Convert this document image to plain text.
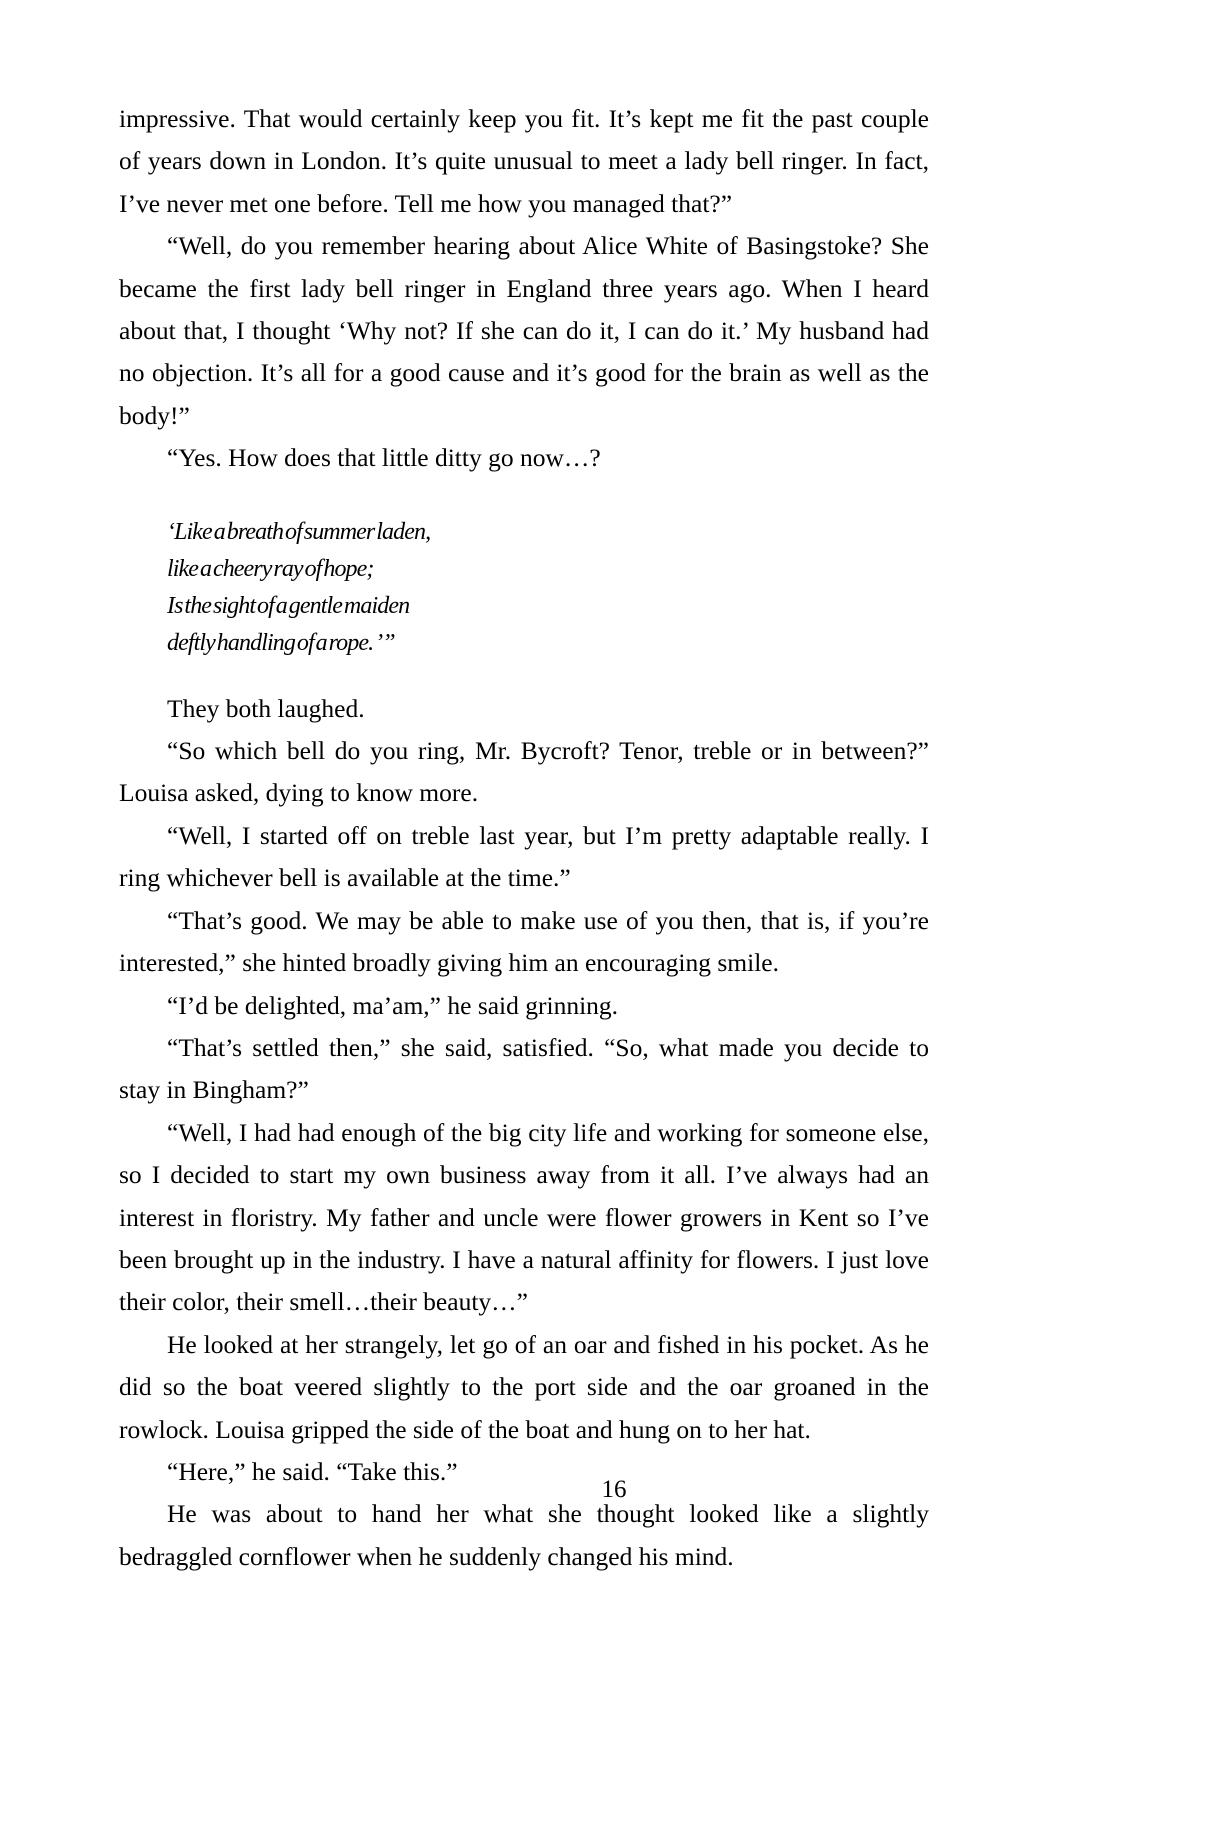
impressive. That would certainly keep you fit. It’s kept me fit the past couple of years down in London. It’s quite unusual to meet a lady bell ringer. In fact, I’ve never met one before. Tell me how you managed that?”

“Well, do you remember hearing about Alice White of Basingstoke? She became the first lady bell ringer in England three years ago. When I heard about that, I thought ‘Why not? If she can do it, I can do it.’ My husband had no objection. It’s all for a good cause and it’s good for the brain as well as the body!”

“Yes. How does that little ditty go now…?

‘Like a breath of summer laden,
like a cheery ray of hope;
Is the sight of a gentle maiden
deftly handling of a rope. ’”

They both laughed.

“So which bell do you ring, Mr. Bycroft? Tenor, treble or in between?” Louisa asked, dying to know more.

“Well, I started off on treble last year, but I’m pretty adaptable really. I ring whichever bell is available at the time.”

“That’s good. We may be able to make use of you then, that is, if you’re interested,” she hinted broadly giving him an encouraging smile.

“I’d be delighted, ma’am,” he said grinning.

“That’s settled then,” she said, satisfied. “So, what made you decide to stay in Bingham?”

“Well, I had had enough of the big city life and working for someone else, so I decided to start my own business away from it all. I’ve always had an interest in floristry. My father and uncle were flower growers in Kent so I’ve been brought up in the industry. I have a natural affinity for flowers. I just love their color, their smell…their beauty…”

He looked at her strangely, let go of an oar and fished in his pocket. As he did so the boat veered slightly to the port side and the oar groaned in the rowlock. Louisa gripped the side of the boat and hung on to her hat.

“Here,” he said. “Take this.”

He was about to hand her what she thought looked like a slightly bedraggled cornflower when he suddenly changed his mind.

16
